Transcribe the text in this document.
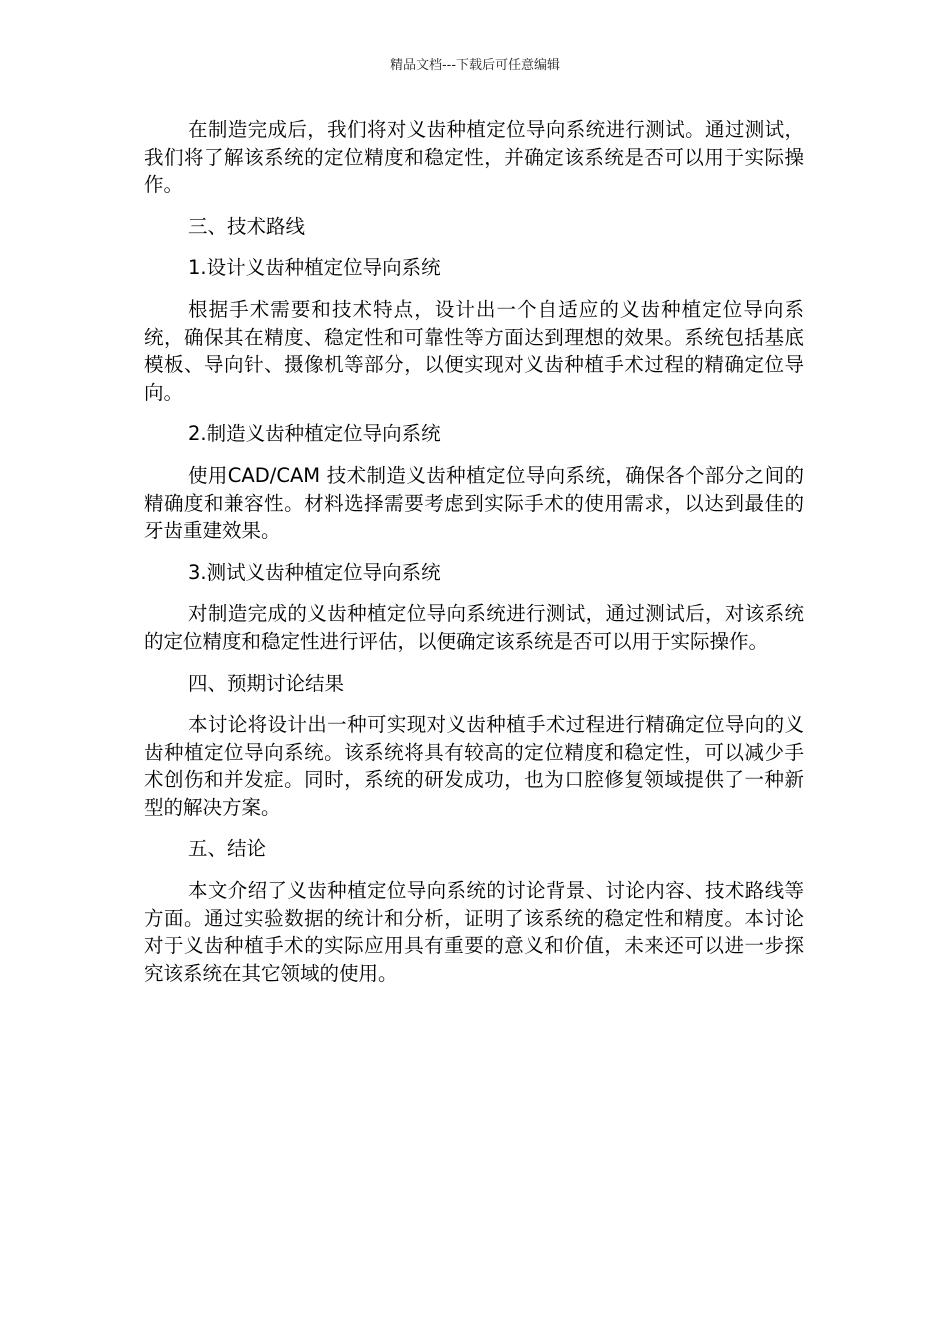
精品文档---下载后可任意编辑

在制造完成后，我们将对义齿种植定位导向系统进行测试。通过测试，我们将了解该系统的定位精度和稳定性，并确定该系统是否可以用于实际操作。

三、技术路线

1.设计义齿种植定位导向系统

根据手术需要和技术特点，设计出一个自适应的义齿种植定位导向系统，确保其在精度、稳定性和可靠性等方面达到理想的效果。系统包括基底模板、导向针、摄像机等部分，以便实现对义齿种植手术过程的精确定位导向。

2.制造义齿种植定位导向系统

使用CAD/CAM 技术制造义齿种植定位导向系统，确保各个部分之间的精确度和兼容性。材料选择需要考虑到实际手术的使用需求，以达到最佳的牙齿重建效果。

3.测试义齿种植定位导向系统

对制造完成的义齿种植定位导向系统进行测试，通过测试后，对该系统的定位精度和稳定性进行评估，以便确定该系统是否可以用于实际操作。

四、预期讨论结果

本讨论将设计出一种可实现对义齿种植手术过程进行精确定位导向的义齿种植定位导向系统。该系统将具有较高的定位精度和稳定性，可以减少手术创伤和并发症。同时，系统的研发成功，也为口腔修复领域提供了一种新型的解决方案。

五、结论

本文介绍了义齿种植定位导向系统的讨论背景、讨论内容、技术路线等方面。通过实验数据的统计和分析，证明了该系统的稳定性和精度。本讨论对于义齿种植手术的实际应用具有重要的意义和价值，未来还可以进一步探究该系统在其它领域的使用。
